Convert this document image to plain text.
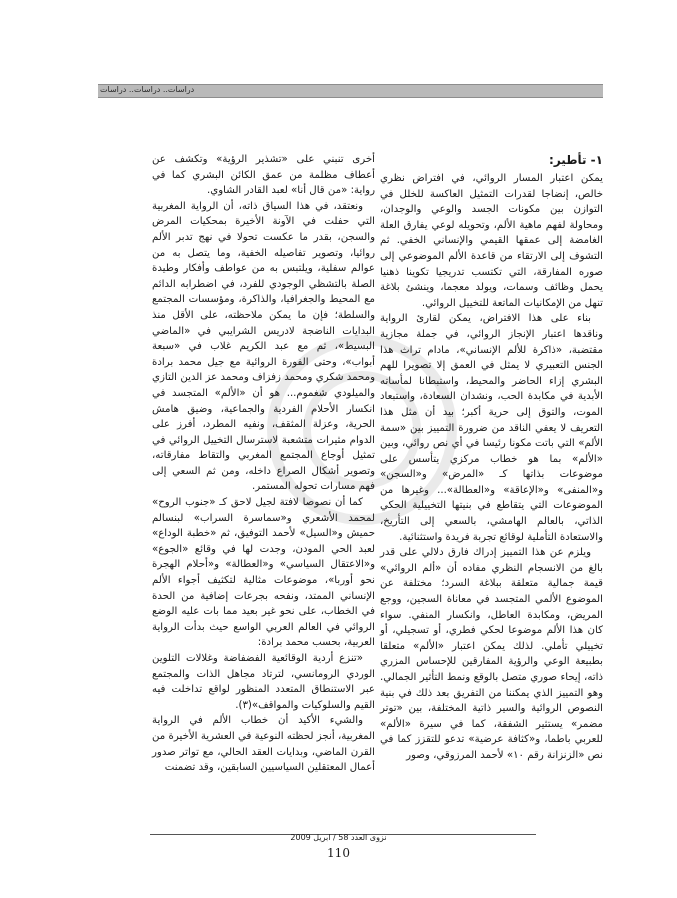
دراسات.. دراسات.. دراسات
١- تأطير:

يمكن اعتبار المسار الروائي، في افتراض نظري خالص، إنضاجا لقدرات التمثيل العاكسة للخلل في التوازن بين مكونات الجسد والوعي والوجدان، ومحاولة لفهم ماهية الألم، وتحويله لوعي يفارق العلة الغامضة إلى عمقها القيمي والإنساني الخفي. ثم التشوف إلى الارتقاء من قاعدة الألم الموضوعي إلى صوره المفارقة، التي تكتسب تدريجيا تكوينا ذهنيا يحمل وظائف وسمات، ويولد معجما، وينشئ بلاغة تنهل من الإمكانيات الماتعة للتخييل الروائي.

بناء على هذا الافتراض، يمكن لقارئ الرواية وناقدها اعتبار الإنجاز الروائي، في جملة مجازية مقتضبة، «ذاكرة للألم الإنساني»، مادام تراث هذا الجنس التعبيري لا يمثل في العمق إلا تصويرا للهم البشري إزاء الحاضر والمحيط، واستبطانا لمأساته الأبدية في مكابدة الحب، ونشدان السعادة، واستبعاد الموت، والتوق إلى حرية أكبر؛ بيد أن مثل هذا التعريف لا يعفي الناقد من ضرورة التمييز بين «سمة الألم» التي باتت مكونا رئيسا في أي نص روائي، وبين «الألم» بما هو خطاب مركزي يتأسس على موضوعات بذاتها كـ «المرض» و«السجن» و«المنفى» و«الإعاقة» و«العطالة»... وغيرها من الموضوعات التي يتقاطع في بنيتها التخييلية الحكي الذاتي، بالعالم الهامشي، بالسعي إلى التأريخ، والاستعادة التأملية لوقائع تجربة فريدة واستثنائية.

ويلزم عن هذا التمييز إدراك فارق دلالي على قدر بالغ من الانسجام النظري مفاده أن «ألم الروائي» قيمة جمالية متعلقة ببلاغة السرد؛ مختلفة عن الموضوع الألمي المتجسد في معاناة السجين، ووجع المريض، ومكابدة العاطل، وانكسار المنفي. سواء كان هذا الألم موضوعا لحكي فطري، أو تسجيلي، أو تخييلي تأملي. لذلك يمكن اعتبار «الألم» متعلقا بطبيعة الوعي والرؤية المفارقين للإحساس المزري ذاته، إيحاء صوري متصل بالوقع ونمط التأثير الجمالي. وهو التمييز الذي يمكننا من التفريق بعد ذلك في بنية النصوص الروائية والسير ذاتية المختلفة، بين «توتر مضمر» يستثير الشفقة، كما في سيرة «الألم» للعربي باطما، و«كثافة عرضية» تدعو للتقزز كما في نص «الزنزانة رقم ١٠» لأحمد المرزوقي، وصور

أخرى تنبني على «تشذير الرؤية» وتكشف عن أعطاف مظلمة من عمق الكائن البشري كما في رواية: «من قال أنا» لعبد القادر الشاوي.

ونعتقد، في هذا السياق ذاته، أن الرواية المغربية التي حفلت في الآونة الأخيرة بمحكيات المرض والسجن، بقدر ما عكست تحولا في نهج تدبر الألم روائيا، وتصوير تفاصيله الخفية، وما يتصل به من عوالم سفلية، ويلتبس به من عواطف وأفكار وطيدة الصلة بالتشظي الوجودي للفرد، في اضطرابه الدائم مع المحيط والجغرافيا، والذاكرة، ومؤسسات المجتمع والسلطة؛ فإن ما يمكن ملاحظته، على الأقل منذ البدايات الناضجة لادريس الشرايبي في «الماضي البسيط»، ثم مع عبد الكريم غلاب في «سبعة أبواب»، وحتى الفورة الروائية مع جيل محمد برادة ومحمد شكري ومحمد زفزاف ومحمد عز الدين التازي والميلودي شغموم... هو أن «الألم» المتجسد في انكسار الأحلام الفردية والجماعية، وضيق هامش الحرية، وعزلة المثقف، ونفيه المطرد، أفرز على الدوام مثيرات متشعبة لاسترسال التخييل الروائي في تمثيل أوجاع المجتمع المغربي والتقاط مفارقاته، وتصوير أشكال الصراع داخله، ومن ثم السعي إلى فهم مسارات تحوله المستمر.

كما أن نصوصا لافتة لجيل لاحق كـ «جنوب الروح» لمحمد الأشعري و«سماسرة السراب» لبنسالم حميش و«السيل» لأحمد التوفيق، ثم «خطبة الوداع» لعبد الحي المودن، وجدت لها في وقائع «الجوع» و«الاعتقال السياسي» و«العطالة» و«أحلام الهجرة نحو أوربا»، موضوعات مثالية لتكثيف أجواء الألم الإنساني الممتد، ونفحه بجرعات إضافية من الحدة في الخطاب، على نحو غير بعيد مما بات عليه الوضع الروائي في العالم العربي الواسع حيث بدأت الرواية العربية، بحسب محمد برادة:

«تنزع أردية الوقائعية الفضفاضة وغلالات التلوين الوردي الرومانسي، لترتاد مجاهل الذات والمجتمع عبر الاستنطاق المتعدد المنظور لواقع تداخلت فيه القيم والسلوكيات والمواقف»(٣).

والشيء الأكيد أن خطاب الألم في الرواية المغربية، أنجز لحظته النوعية في العشرية الأخيرة من القرن الماضي، وبدايات العقد الحالي، مع تواتر صدور أعمال المعتقلين السياسيين السابقين، وقد تضمنت

نزوى العدد 58 / ابريل 2009
110
